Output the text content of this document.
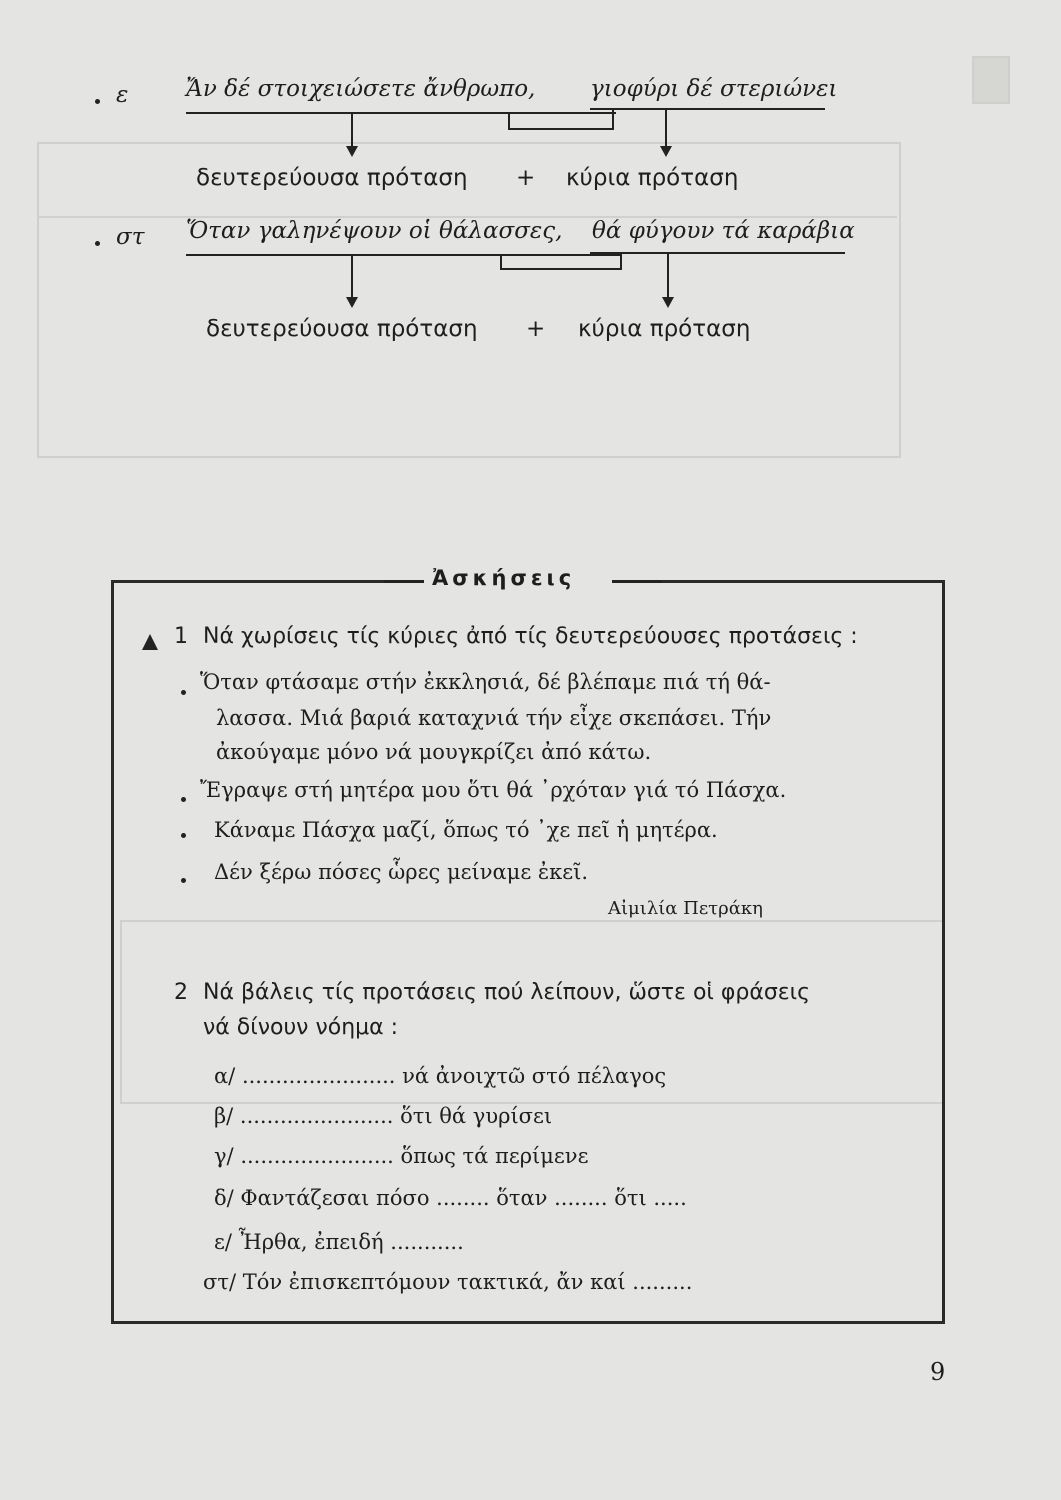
ε	Ἄν δέ στοιχειώσετε ἄνθρωπο, γιοφύρι δέ στεριώνει
δευτερεύουσα πρόταση + κύρια πρόταση
στ Ὅταν γαληνέψουν οἱ θάλασσες, θά φύγουν τά καράβια
δευτερεύουσα πρόταση + κύρια πρόταση
Ἀσκήσεις
1 Νά χωρίσεις τίς κύριες ἀπό τίς δευτερεύουσες προτάσεις :
Ὅταν φτάσαμε στήν ἐκκλησιά, δέ βλέπαμε πιά τή θά-
λασσα. Μιά βαριά καταχνιά τήν εἶχε σκεπάσει. Τήν
ἀκούγαμε μόνο νά μουγκρίζει ἀπό κάτω.
Ἔγραψε στή μητέρα μου ὅτι θά ᾽ρχόταν γιά τό Πάσχα.
Κάναμε Πάσχα μαζί, ὅπως τό ᾽χε πεῖ ἡ μητέρα.
Δέν ξέρω πόσες ὧρες μείναμε ἐκεῖ.
Αἰμιλία Πετράκη
2 Νά βάλεις τίς προτάσεις πού λείπουν, ὥστε οἱ φράσεις
νά δίνουν νόημα :
α/ ....................... νά ἀνοιχτῶ στό πέλαγος
β/ ....................... ὅτι θά γυρίσει
γ/ ....................... ὅπως τά περίμενε
δ/ Φαντάζεσαι πόσο ........ ὅταν ........ ὅτι .....
ε/ Ἦρθα, ἐπειδή ...........
στ/ Τόν ἐπισκεπτόμουν τακτικά, ἄν καί .........
9
